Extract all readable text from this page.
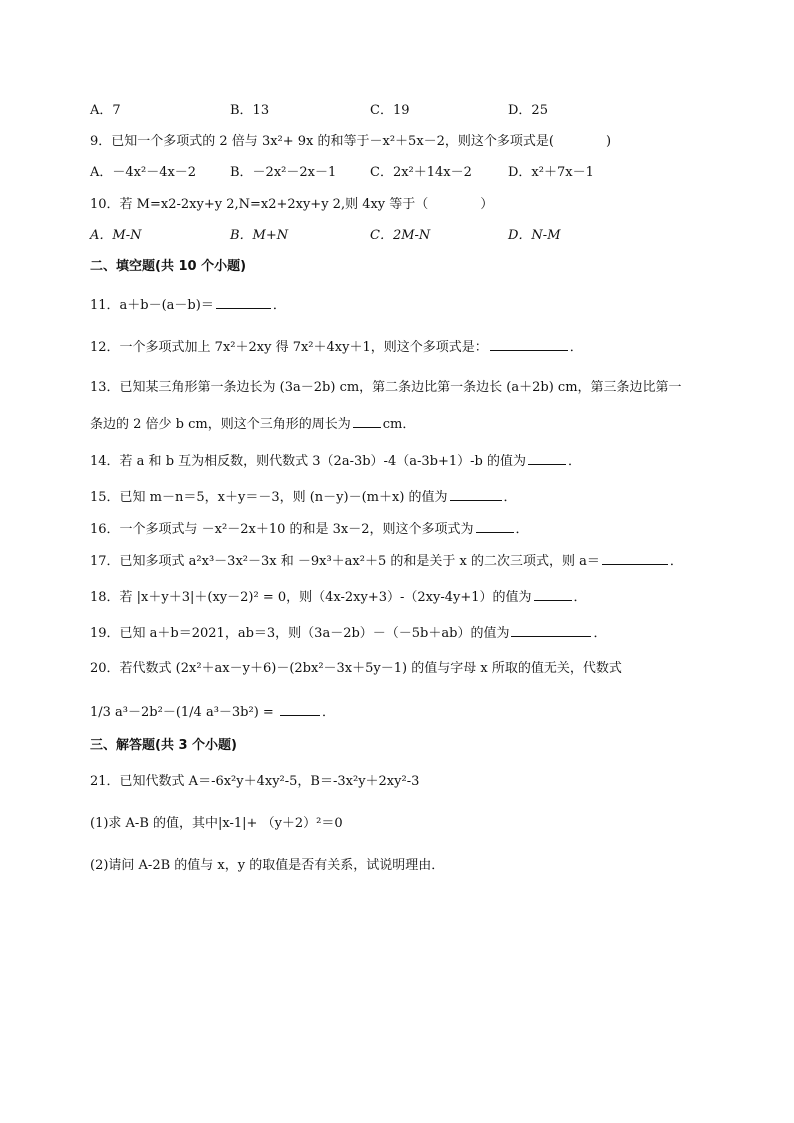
A．7	B．13	C．19	D．25
9．已知一个多项式的 2 倍与 3x²+ 9x 的和等于－x²＋5x－2，则这个多项式是(　　　　)
A．－4x²－4x－2	B．－2x²－2x－1	C．2x²＋14x－2	D．x²＋7x－1
10．若 M=x2-2xy+y 2,N=x2+2xy+y 2,则 4xy 等于（　　　　）
A．M-N	B．M+N	C．2M-N	D．N-M
二、填空题(共 10 个小题)
11．a＋b－(a－b)＝	．
12．一个多项式加上 7x²＋2xy 得 7x²＋4xy＋1，则这个多项式是：	．
13．已知某三角形第一条边长为 (3a－2b) cm，第二条边比第一条边长 (a＋2b) cm，第三条边比第一
条边的 2 倍少 b cm，则这个三角形的周长为 cm．
14．若 a 和 b 互为相反数，则代数式 3（2a-3b）-4（a-3b+1）-b 的值为	．
15．已知 m－n＝5，x＋y＝－3，则 (n－y)－(m＋x) 的值为	．
16．一个多项式与 －x²－2x＋10 的和是 3x－2，则这个多项式为	．
17．已知多项式 a²x³－3x²－3x 和 －9x³＋ax²＋5 的和是关于 x 的二次三项式，则 a＝	．
18．若 |x＋y＋3|＋(xy－2)² = 0，则（4x-2xy+3）-（2xy-4y+1）的值为	．
19．已知 a＋b＝2021，ab＝3，则（3a－2b）－（－5b＋ab）的值为	．
20．若代数式 (2x²＋ax－y＋6)－(2bx²－3x＋5y－1) 的值与字母 x 所取的值无关，代数式
1/3 a³－2b²－(1/4 a³－3b²) =	．
三、解答题(共 3 个小题)
21．已知代数式 A＝-6x²y＋4xy²-5，B＝-3x²y＋2xy²-3
(1)求 A-B 的值，其中|x-1|+ （y＋2）²＝0
(2)请问 A-2B 的值与 x，y 的取值是否有关系，试说明理由．
